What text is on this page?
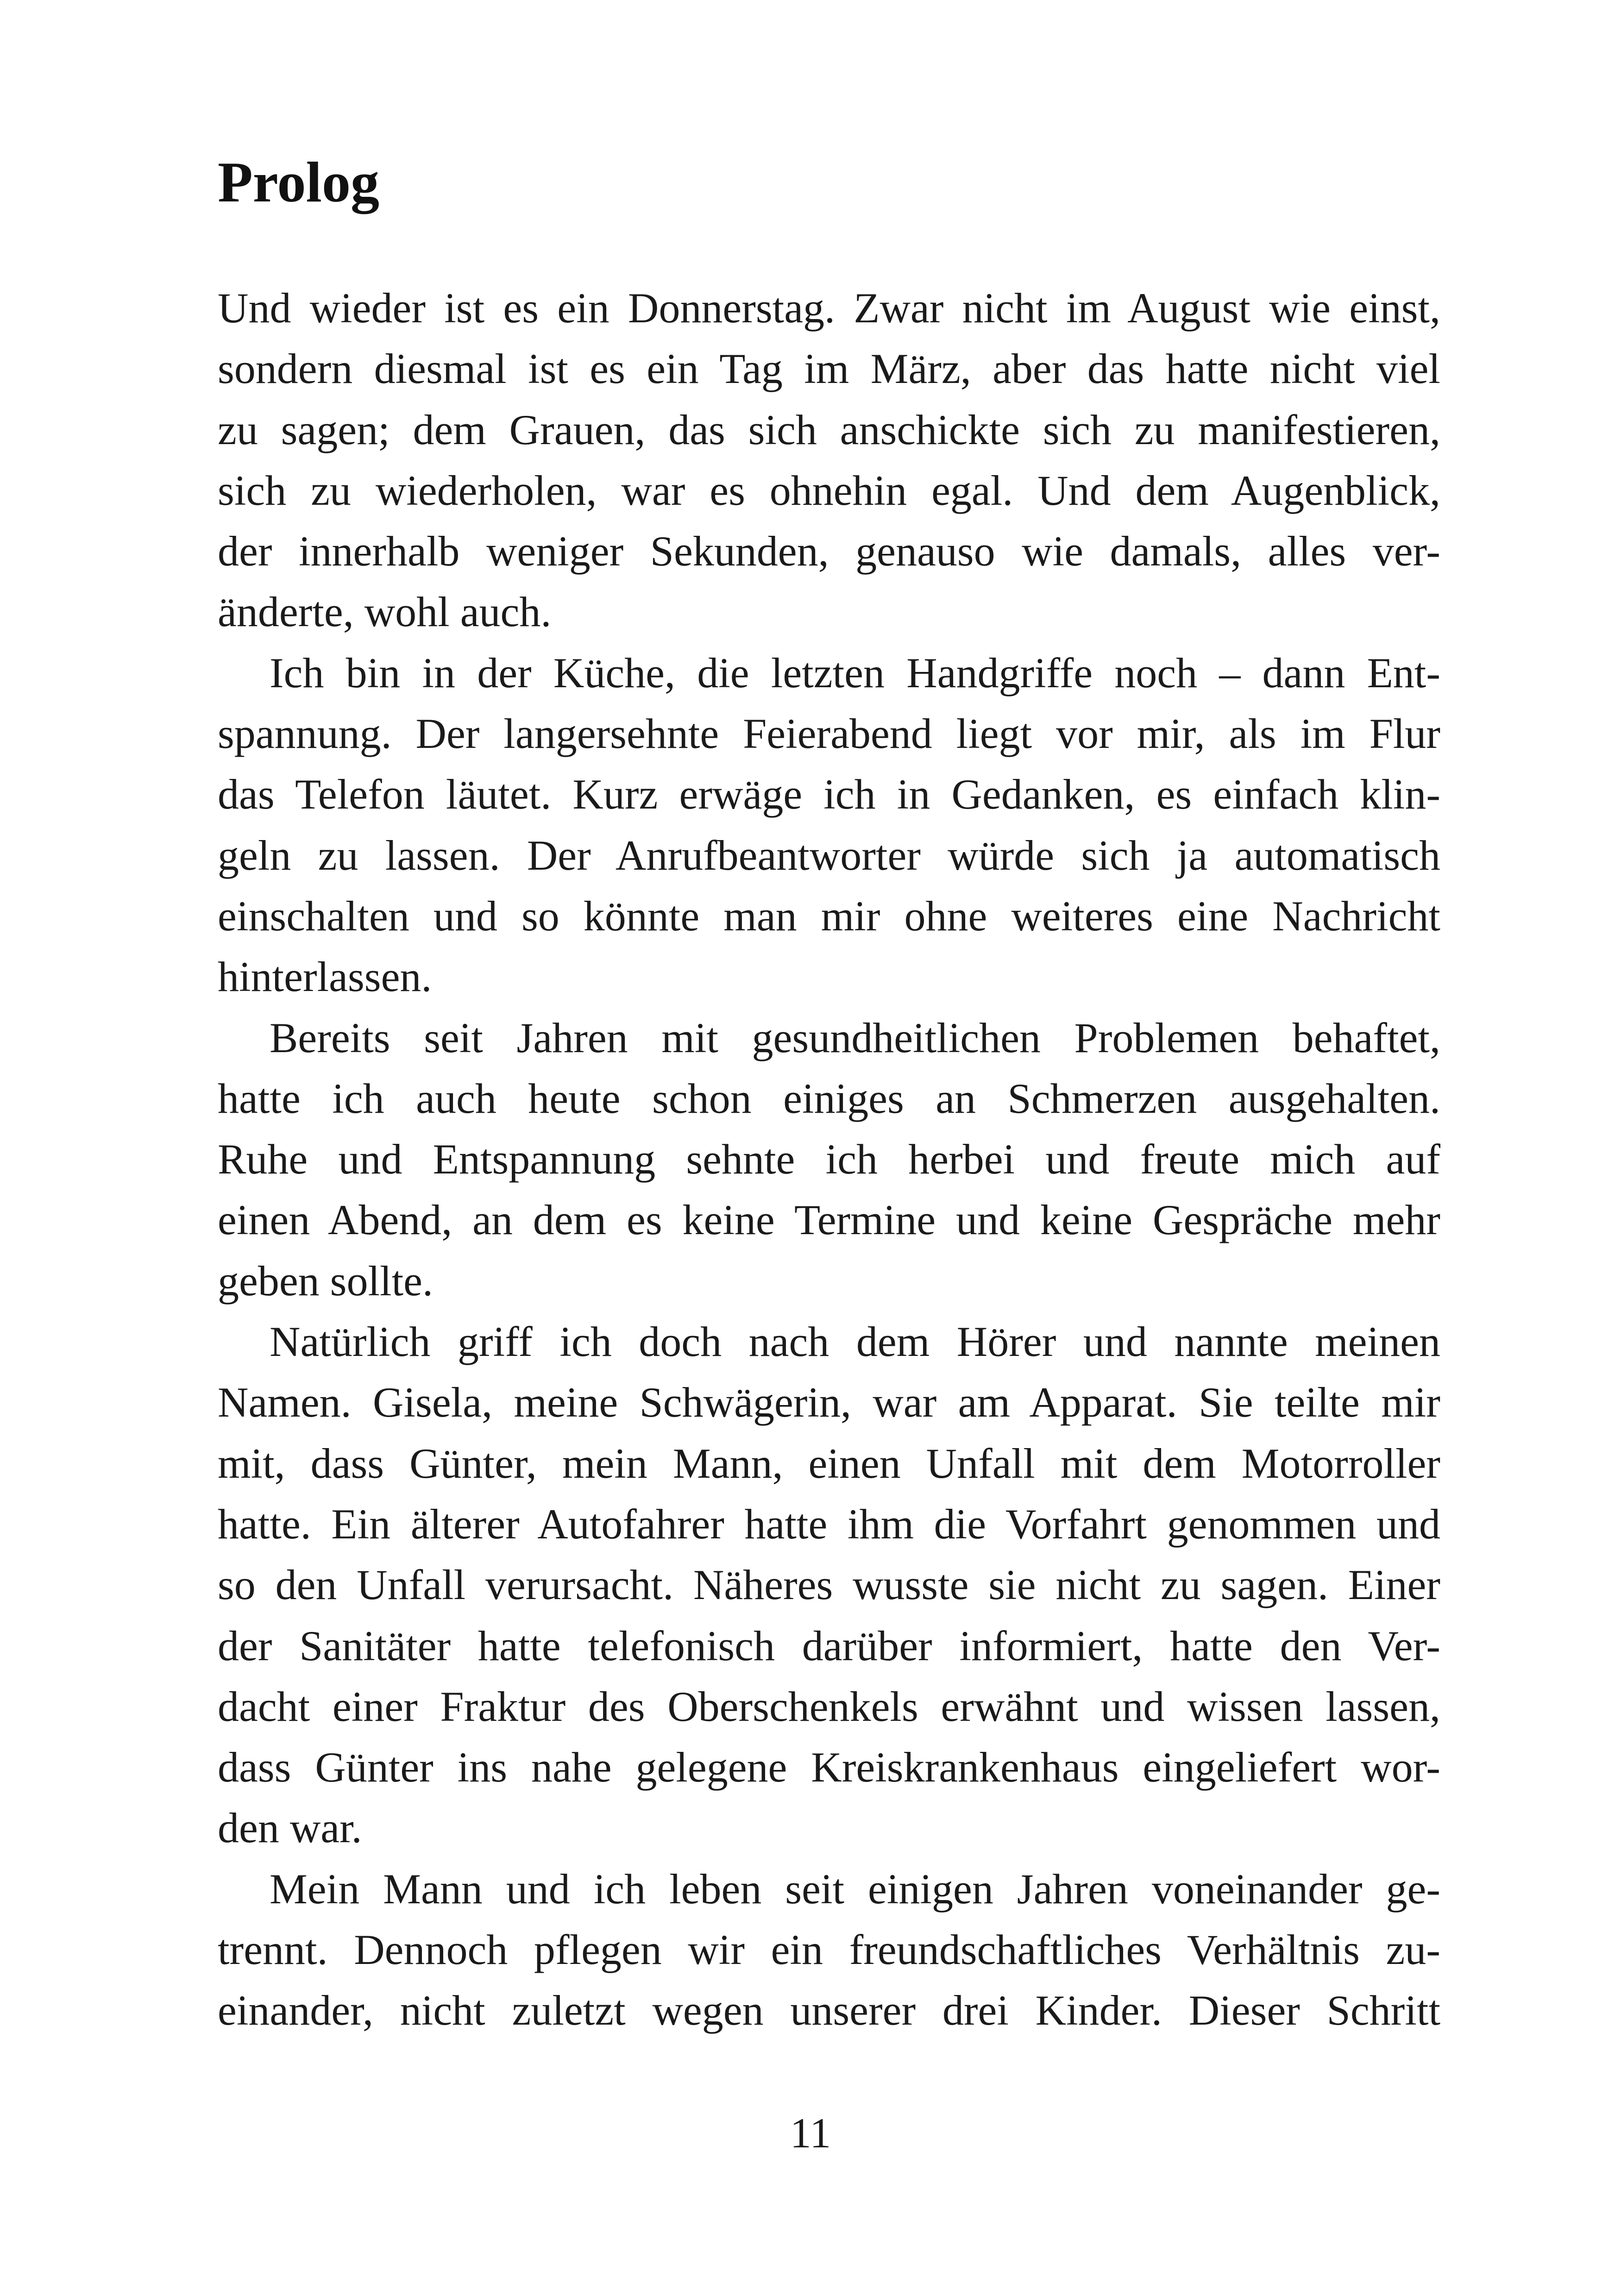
Prolog
Und wieder ist es ein Donnerstag. Zwar nicht im August wie einst,
sondern diesmal ist es ein Tag im März, aber das hatte nicht viel
zu sagen; dem Grauen, das sich anschickte sich zu manifestieren,
sich zu wiederholen, war es ohnehin egal. Und dem Augenblick,
der innerhalb weniger Sekunden, genauso wie damals, alles ver-
änderte, wohl auch.
Ich bin in der Küche, die letzten Handgriffe noch – dann Ent-
spannung. Der langersehnte Feierabend liegt vor mir, als im Flur
das Telefon läutet. Kurz erwäge ich in Gedanken, es einfach klin-
geln zu lassen. Der Anrufbeantworter würde sich ja automatisch
einschalten und so könnte man mir ohne weiteres eine Nachricht
hinterlassen.
Bereits seit Jahren mit gesundheitlichen Problemen behaftet,
hatte ich auch heute schon einiges an Schmerzen ausgehalten.
Ruhe und Entspannung sehnte ich herbei und freute mich auf
einen Abend, an dem es keine Termine und keine Gespräche mehr
geben sollte.
Natürlich griff ich doch nach dem Hörer und nannte meinen
Namen. Gisela, meine Schwägerin, war am Apparat. Sie teilte mir
mit, dass Günter, mein Mann, einen Unfall mit dem Motorroller
hatte. Ein älterer Autofahrer hatte ihm die Vorfahrt genommen und
so den Unfall verursacht. Näheres wusste sie nicht zu sagen. Einer
der Sanitäter hatte telefonisch darüber informiert, hatte den Ver-
dacht einer Fraktur des Oberschenkels erwähnt und wissen lassen,
dass Günter ins nahe gelegene Kreiskrankenhaus eingeliefert wor-
den war.
Mein Mann und ich leben seit einigen Jahren voneinander ge-
trennt. Dennoch pflegen wir ein freundschaftliches Verhältnis zu-
einander, nicht zuletzt wegen unserer drei Kinder. Dieser Schritt
11
